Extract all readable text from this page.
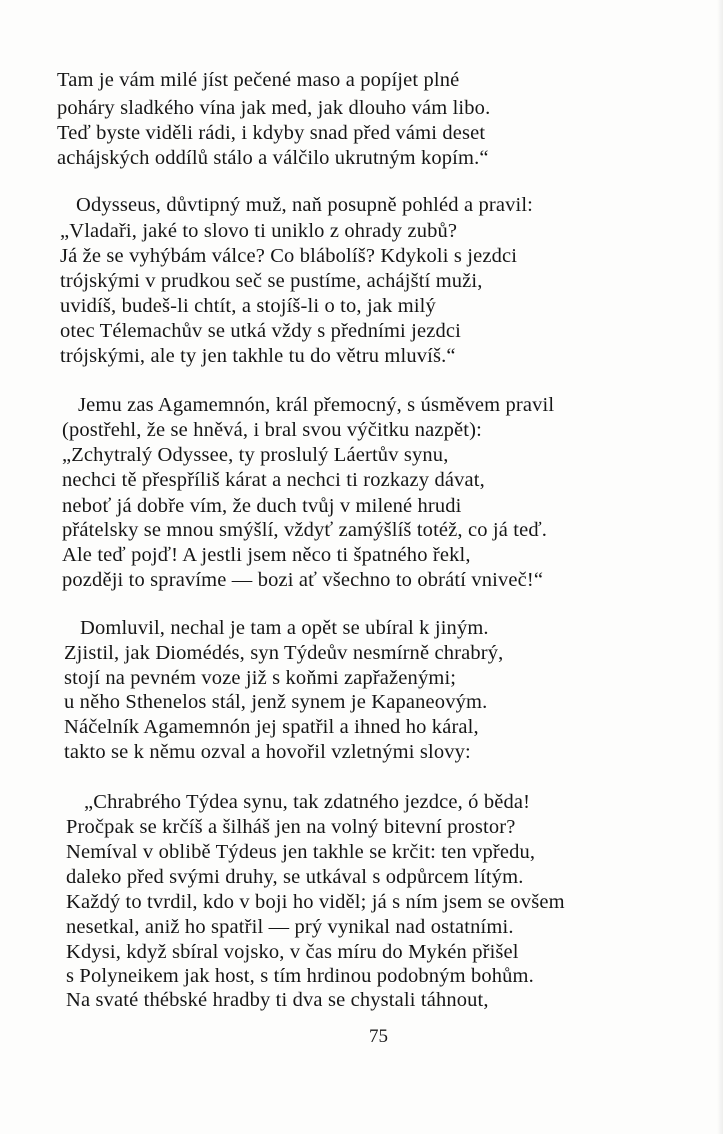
Tam je vám milé jíst pečené maso a popíjet plné
poháry sladkého vína jak med, jak dlouho vám libo.
Teď byste viděli rádi, i kdyby snad před vámi deset
achájských oddílů stálo a válčilo ukrutným kopím.“
Odysseus, důvtipný muž, naň posupně pohléd a pravil:
„Vladaři, jaké to slovo ti uniklo z ohrady zubů?
Já že se vyhýbám válce? Co blábolíš? Kdykoli s jezdci
trójskými v prudkou seč se pustíme, achájští muži,
uvidíš, budeš-li chtít, a stojíš-li o to, jak milý
otec Télemachův se utká vždy s předními jezdci
trójskými, ale ty jen takhle tu do větru mluvíš.“
Jemu zas Agamemnón, král přemocný, s úsměvem pravil
(postřehl, že se hněvá, i bral svou výčitku nazpět):
„Zchytralý Odyssee, ty proslulý Láertův synu,
nechci tě přespříliš kárat a nechci ti rozkazy dávat,
neboť já dobře vím, že duch tvůj v milené hrudi
přátelsky se mnou smýšlí, vždyť zamýšlíš totéž, co já teď.
Ale teď pojď! A jestli jsem něco ti špatného řekl,
později to spravíme — bozi ať všechno to obrátí vniveč!“
Domluvil, nechal je tam a opět se ubíral k jiným.
Zjistil, jak Diomédés, syn Týdeův nesmírně chrabrý,
stojí na pevném voze již s koňmi zapřaženými;
u něho Sthenelos stál, jenž synem je Kapaneovým.
Náčelník Agamemnón jej spatřil a ihned ho káral,
takto se k němu ozval a hovořil vzletnými slovy:
„Chrabrého Týdea synu, tak zdatného jezdce, ó běda!
Pročpak se krčíš a šilháš jen na volný bitevní prostor?
Nemíval v oblibě Týdeus jen takhle se krčit: ten vpředu,
daleko před svými druhy, se utkával s odpůrcem lítým.
Každý to tvrdil, kdo v boji ho viděl; já s ním jsem se ovšem
nesetkal, aniž ho spatřil — prý vynikal nad ostatními.
Kdysi, když sbíral vojsko, v čas míru do Mykén přišel
s Polyneikem jak host, s tím hrdinou podobným bohům.
Na svaté thébské hradby ti dva se chystali táhnout,
75
